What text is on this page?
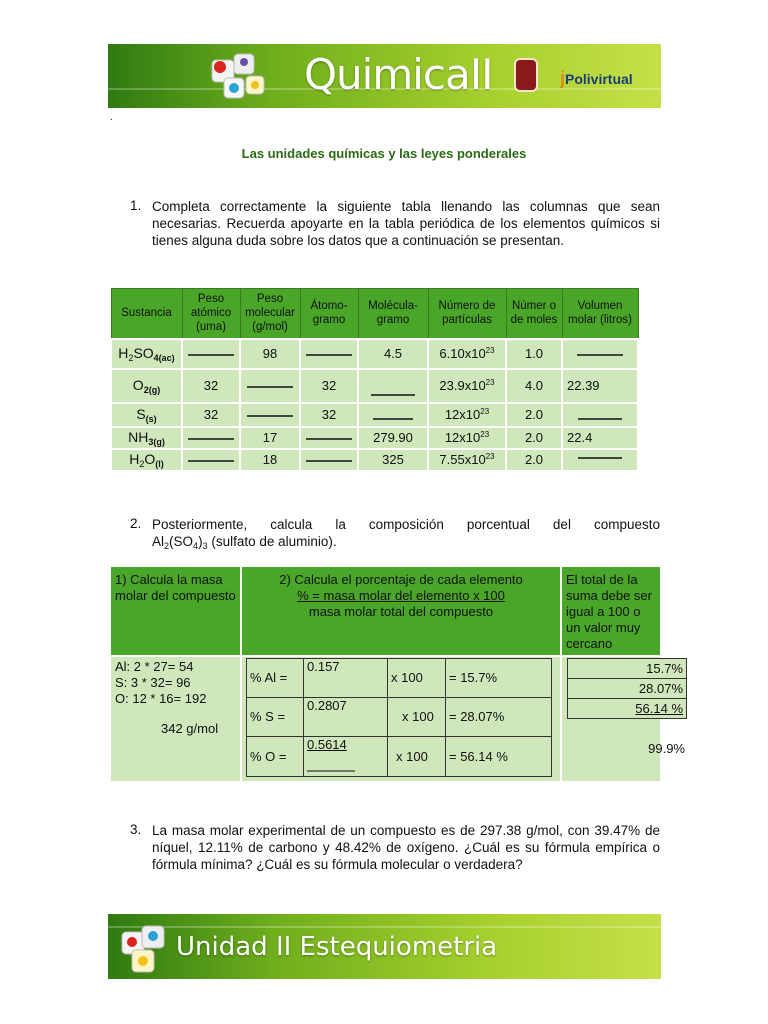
QuimicaII	jPolivirtual
.
Las unidades químicas y las leyes ponderales
1. Completa correctamente la siguiente tabla llenando las columnas que sean necesarias. Recuerda apoyarte en la tabla periódica de los elementos químicos si tienes alguna duda sobre los datos que a continuación se presentan.
Sustancia	Peso atómico (uma)	Peso molecular (g/mol)	Átomo-gramo	Molécula-gramo	Número de partículas	Númer o de moles	Volumen molar (litros)
$H_2SO_{4(ac)}$		98		4.5	$6.10x10^{23}$	1.0	
$O_{2(g)}$	32		32		$23.9x10^{23}$	4.0	22.39
$S_{(s)}$	32		32		$12x10^{23}$	2.0	
$NH_{3(g)}$		17		279.90	$12x10^{23}$	2.0	22.4
$H_2O_{(l)}$		18		325	$7.55x10^{23}$	2.0	
2. Posteriormente, calcula la composición porcentual del compuesto
$Al_2(SO_4)_3$ (sulfato de aluminio).
1) Calcula la masa molar del compuesto
2) Calcula el porcentaje de cada elemento
% = masa molar del elemento x 100
masa molar total del compuesto
El total de la suma debe ser igual a 100 o un valor muy cercano
Al: 2 * 27= 54
S: 3 * 32= 96
O: 12 * 16= 192
342 g/mol
% Al =	0.157	x 100	= 15.7%
% S =	0.2807	x 100	= 28.07%
% O =	0.5614	x 100	= 56.14 %
15.7%
28.07%
56.14 %
99.9%
3. La masa molar experimental de un compuesto es de 297.38 g/mol, con 39.47% de níquel, 12.11% de carbono y 48.42% de oxígeno. ¿Cuál es su fórmula empírica o fórmula mínima? ¿Cuál es su fórmula molecular o verdadera?
Unidad II Estequiometria
